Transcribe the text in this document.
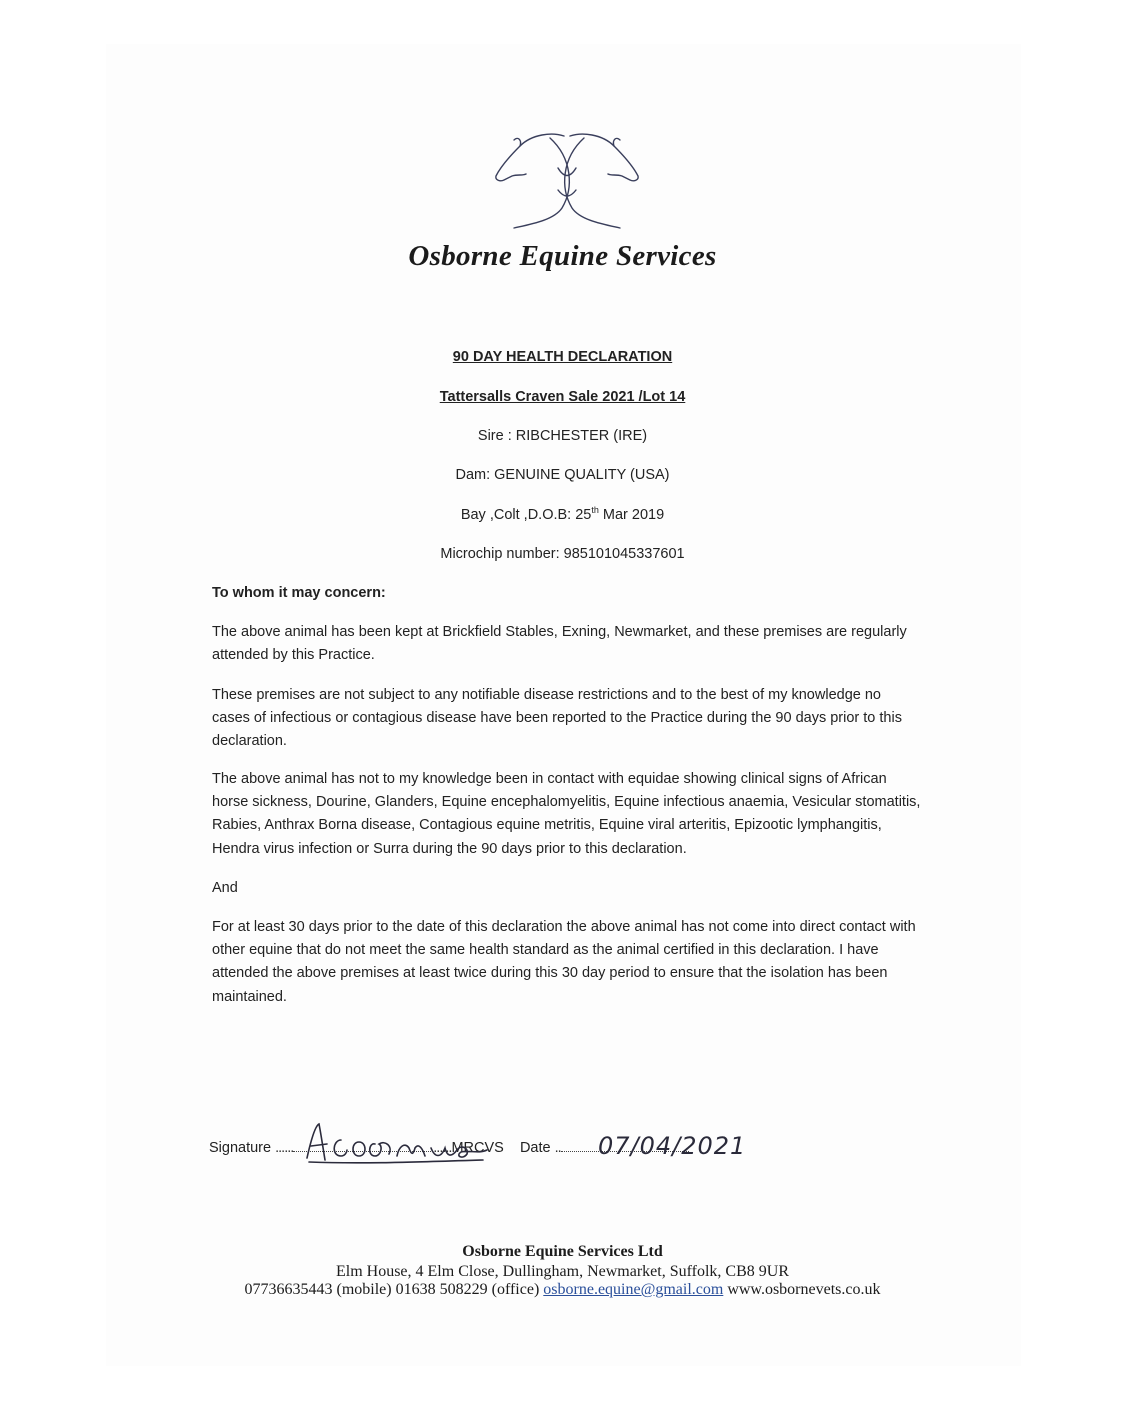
Osborne Equine Services
90 DAY HEALTH DECLARATION
Tattersalls Craven Sale 2021 /Lot 14
Sire : RIBCHESTER (IRE)
Dam: GENUINE QUALITY (USA)
Bay ,Colt ,D.O.B: 25th Mar 2019
Microchip number: 985101045337601
To whom it may concern:

The above animal has been kept at Brickfield Stables, Exning, Newmarket, and these premises are regularly attended by this Practice.

These premises are not subject to any notifiable disease restrictions and to the best of my knowledge no cases of infectious or contagious disease have been reported to the Practice during the 90 days prior to this declaration.

The above animal has not to my knowledge been in contact with equidae showing clinical signs of African horse sickness, Dourine, Glanders, Equine encephalomyelitis, Equine infectious anaemia, Vesicular stomatitis, Rabies, Anthrax Borna disease, Contagious equine metritis, Equine viral arteritis, Epizootic lymphangitis, Hendra virus infection or Surra during the 90 days prior to this declaration.

And

For at least 30 days prior to the date of this declaration the above animal has not come into direct contact with other equine that do not meet the same health standard as the animal certified in this declaration. I have attended the above premises at least twice during this 30 day period to ensure that the isolation has been maintained.

Signature ......	......MRCVS Date ..	07/04/2021
Osborne Equine Services Ltd
Elm House, 4 Elm Close, Dullingham, Newmarket, Suffolk, CB8 9UR
07736635443 (mobile) 01638 508229 (office) osborne.equine@gmail.com www.osbornevets.co.uk
